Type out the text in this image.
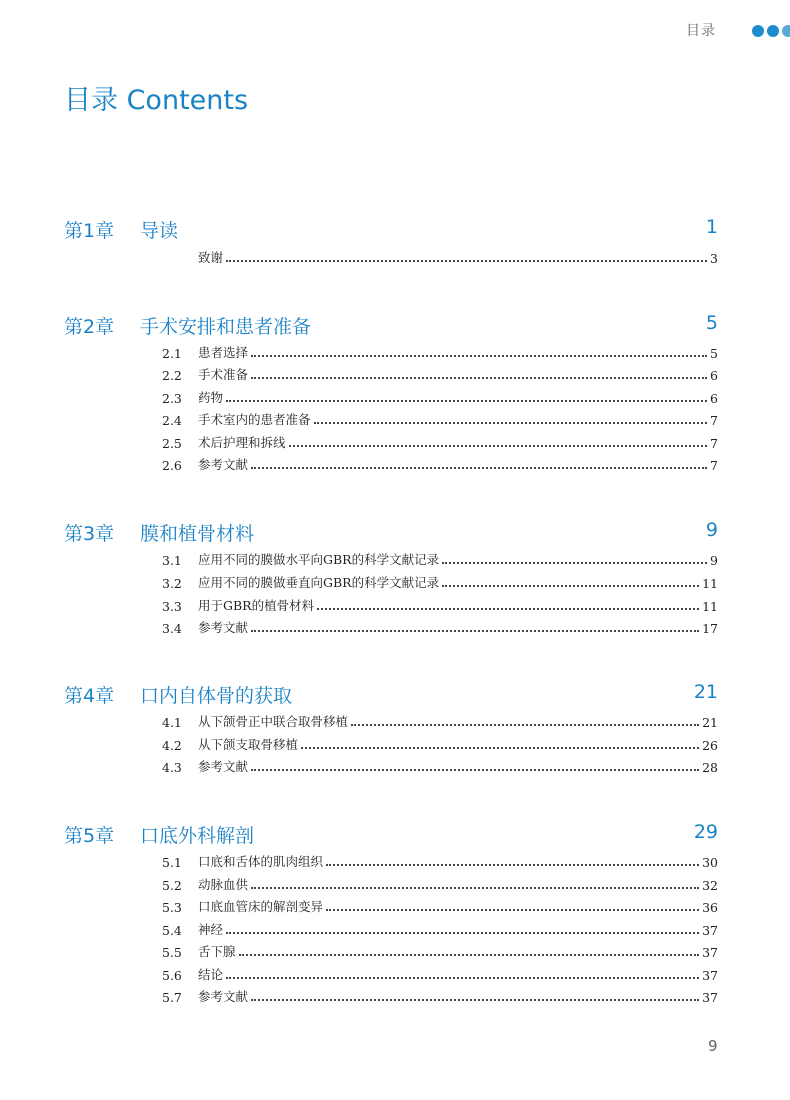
目录
目录 Contents
第1章 导读	1
致谢	3
第2章 手术安排和患者准备	5
2.1	患者选择	5
2.2	手术准备	6
2.3	药物	6
2.4	手术室内的患者准备	7
2.5	术后护理和拆线	7
2.6	参考文献	7
第3章 膜和植骨材料	9
3.1	应用不同的膜做水平向GBR的科学文献记录	9
3.2	应用不同的膜做垂直向GBR的科学文献记录	11
3.3	用于GBR的植骨材料	11
3.4	参考文献	17
第4章 口内自体骨的获取	21
4.1	从下颌骨正中联合取骨移植	21
4.2	从下颌支取骨移植	26
4.3	参考文献	28
第5章 口底外科解剖	29
5.1	口底和舌体的肌肉组织	30
5.2	动脉血供	32
5.3	口底血管床的解剖变异	36
5.4	神经	37
5.5	舌下腺	37
5.6	结论	37
5.7	参考文献	37
9
